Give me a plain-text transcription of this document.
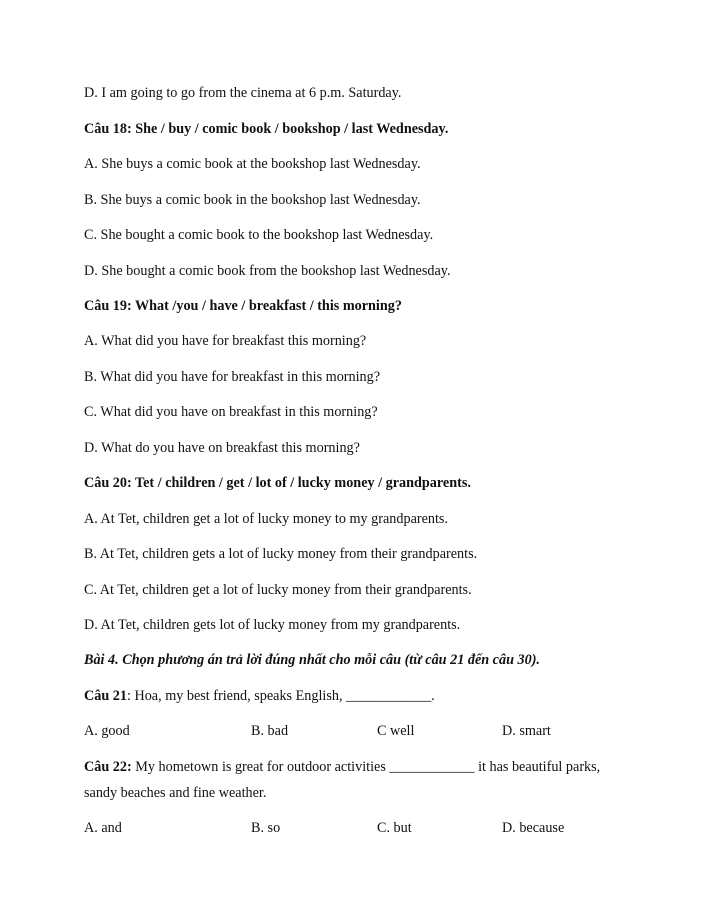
D. I am going to go from the cinema at 6 p.m. Saturday.
Câu 18: She / buy / comic book / bookshop / last Wednesday.
A. She buys a comic book at the bookshop last Wednesday.
B. She buys a comic book in the bookshop last Wednesday.
C. She bought a comic book to the bookshop last Wednesday.
D. She bought a comic book from the bookshop last Wednesday.
Câu 19: What /you / have / breakfast / this morning?
A. What did you have for breakfast this morning?
B. What did you have for breakfast in this morning?
C. What did you have on breakfast in this morning?
D. What do you have on breakfast this morning?
Câu 20: Tet / children / get / lot of / lucky money / grandparents.
A. At Tet, children get a lot of lucky money to my grandparents.
B. At Tet, children gets a lot of lucky money from their grandparents.
C. At Tet, children get a lot of lucky money from their grandparents.
D. At Tet, children gets lot of lucky money from my grandparents.
Bài 4. Chọn phương án trả lời đúng nhất cho mỗi câu (từ câu 21 đến câu 30).
Câu 21: Hoa, my best friend, speaks English, ____________.
A. good	B. bad	C well	D. smart
Câu 22: My hometown is great for outdoor activities ____________ it has beautiful parks,
sandy beaches and fine weather.
A. and	B. so	C. but	D. because
